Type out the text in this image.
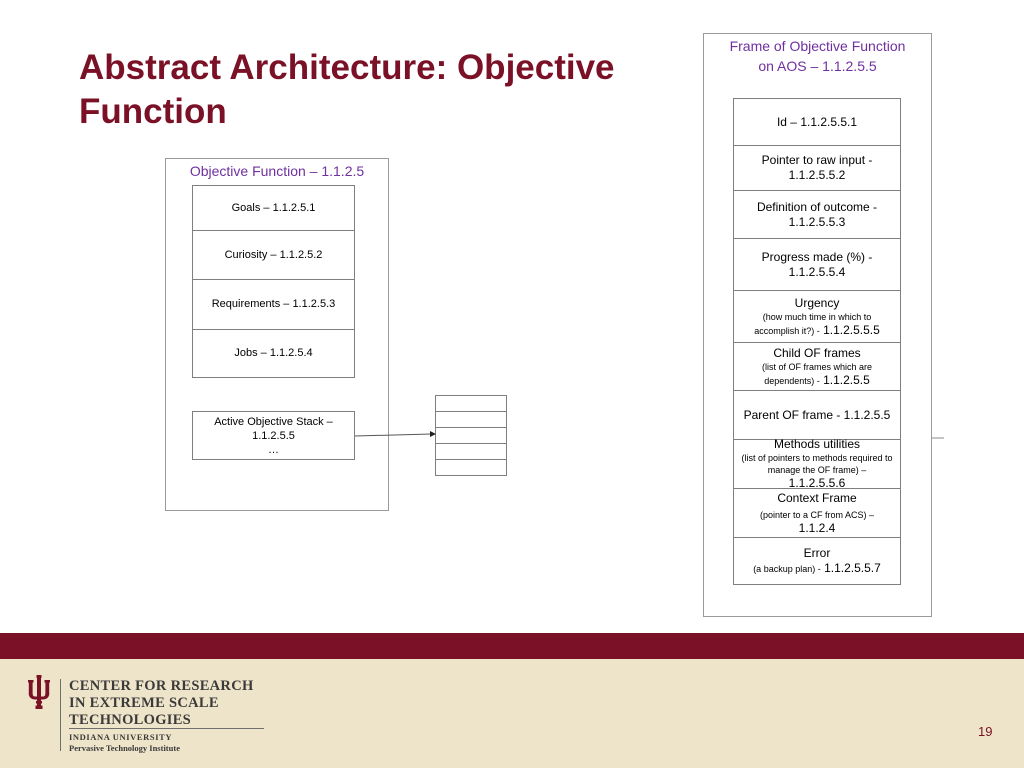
Abstract Architecture: Objective Function
Objective Function – 1.1.2.5
Goals – 1.1.2.5.1
Curiosity – 1.1.2.5.2
Requirements – 1.1.2.5.3
Jobs – 1.1.2.5.4
Active Objective Stack –
1.1.2.5.5
…
Frame of Objective Function
on AOS – 1.1.2.5.5
Id – 1.1.2.5.5.1
Pointer to raw input -
1.1.2.5.5.2
Definition of outcome -
1.1.2.5.5.3
Progress made (%) -
1.1.2.5.5.4
Urgency
(how much time in which to
accomplish it?) - 1.1.2.5.5.5
Child OF frames
(list of OF frames which are
dependents) - 1.1.2.5.5
Parent OF frame - 1.1.2.5.5
Methods utilities
(list of pointers to methods required to
manage the OF frame) –
1.1.2.5.5.6
Context Frame
(pointer to a CF from ACS) –
1.1.2.4
Error
(a backup plan) - 1.1.2.5.5.7
CENTER FOR RESEARCH
IN EXTREME SCALE
TECHNOLOGIES
INDIANA UNIVERSITY
Pervasive Technology Institute
19
